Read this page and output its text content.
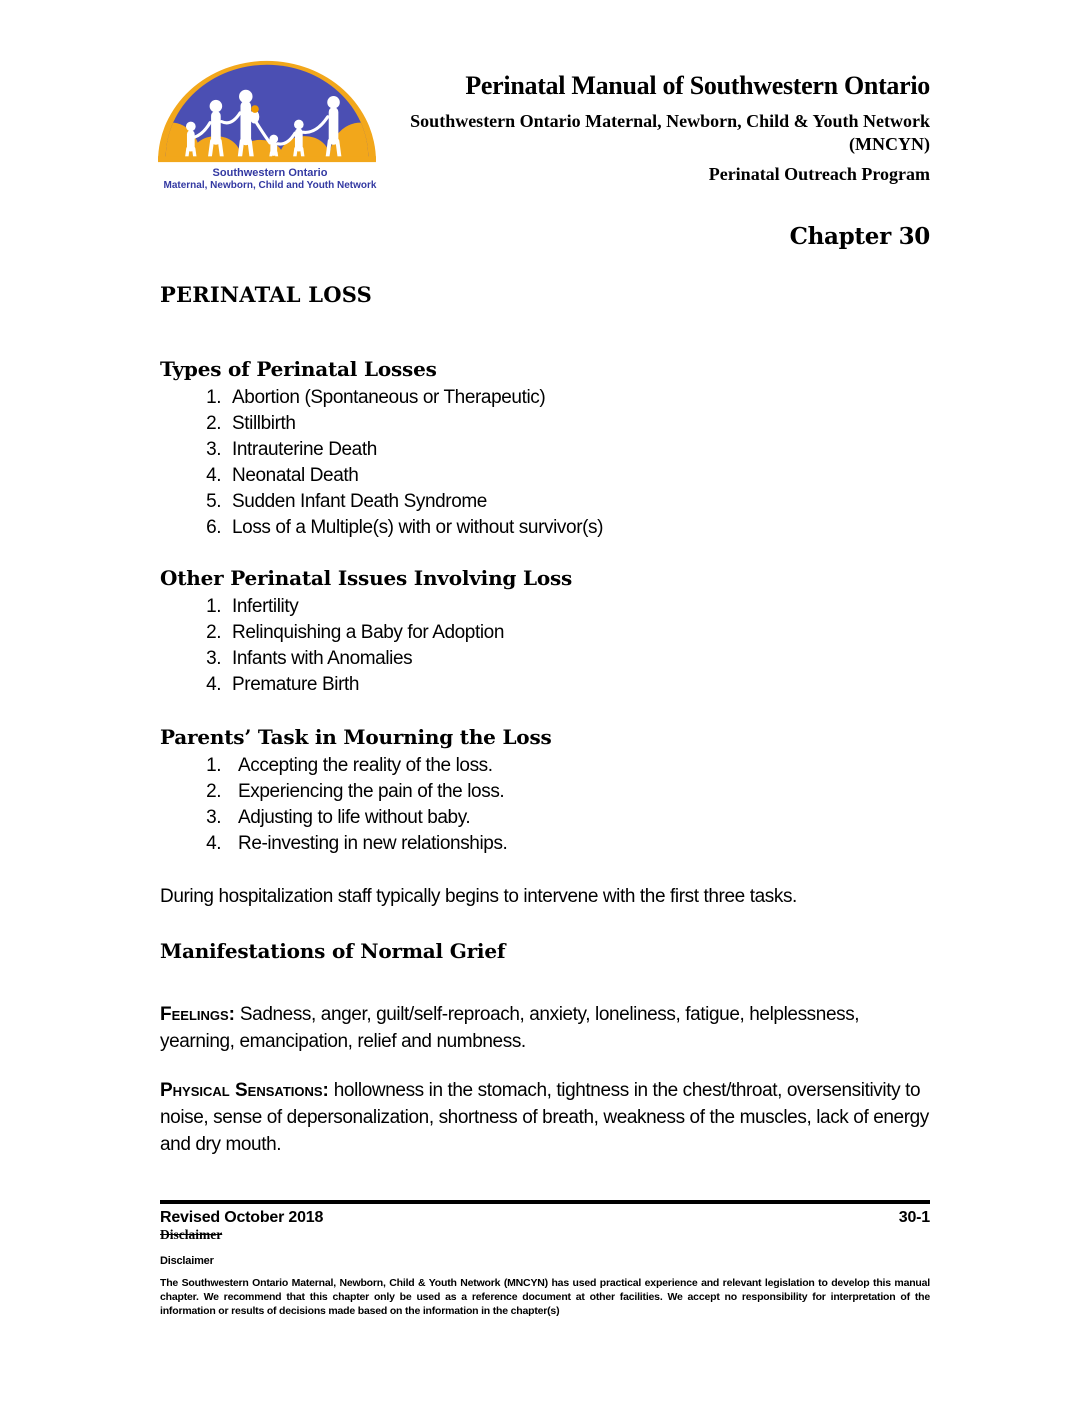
Southwestern Ontario
Maternal, Newborn, Child and Youth Network
Perinatal Manual of Southwestern Ontario
Southwestern Ontario Maternal, Newborn, Child & Youth Network
(MNCYN)
Perinatal Outreach Program
Chapter 30
PERINATAL LOSS
Types of Perinatal Losses
1. Abortion (Spontaneous or Therapeutic)
2. Stillbirth
3. Intrauterine Death
4. Neonatal Death
5. Sudden Infant Death Syndrome
6. Loss of a Multiple(s) with or without survivor(s)
Other Perinatal Issues Involving Loss
1. Infertility
2. Relinquishing a Baby for Adoption
3. Infants with Anomalies
4. Premature Birth
Parents’ Task in Mourning the Loss
1. Accepting the reality of the loss.
2. Experiencing the pain of the loss.
3. Adjusting to life without baby.
4. Re-investing in new relationships.

During hospitalization staff typically begins to intervene with the first three tasks.

Manifestations of Normal Grief

Feelings: Sadness, anger, guilt/self-reproach, anxiety, loneliness, fatigue, helplessness, yearning, emancipation, relief and numbness.

Physical Sensations: hollowness in the stomach, tightness in the chest/throat, oversensitivity to noise, sense of depersonalization, shortness of breath, weakness of the muscles, lack of energy and dry mouth.

Revised October 2018	30-1
Disclaimer
Disclaimer
The Southwestern Ontario Maternal, Newborn, Child & Youth Network (MNCYN) has used practical experience and relevant legislation to develop this manual chapter. We recommend that this chapter only be used as a reference document at other facilities. We accept no responsibility for interpretation of the information or results of decisions made based on the information in the chapter(s)
